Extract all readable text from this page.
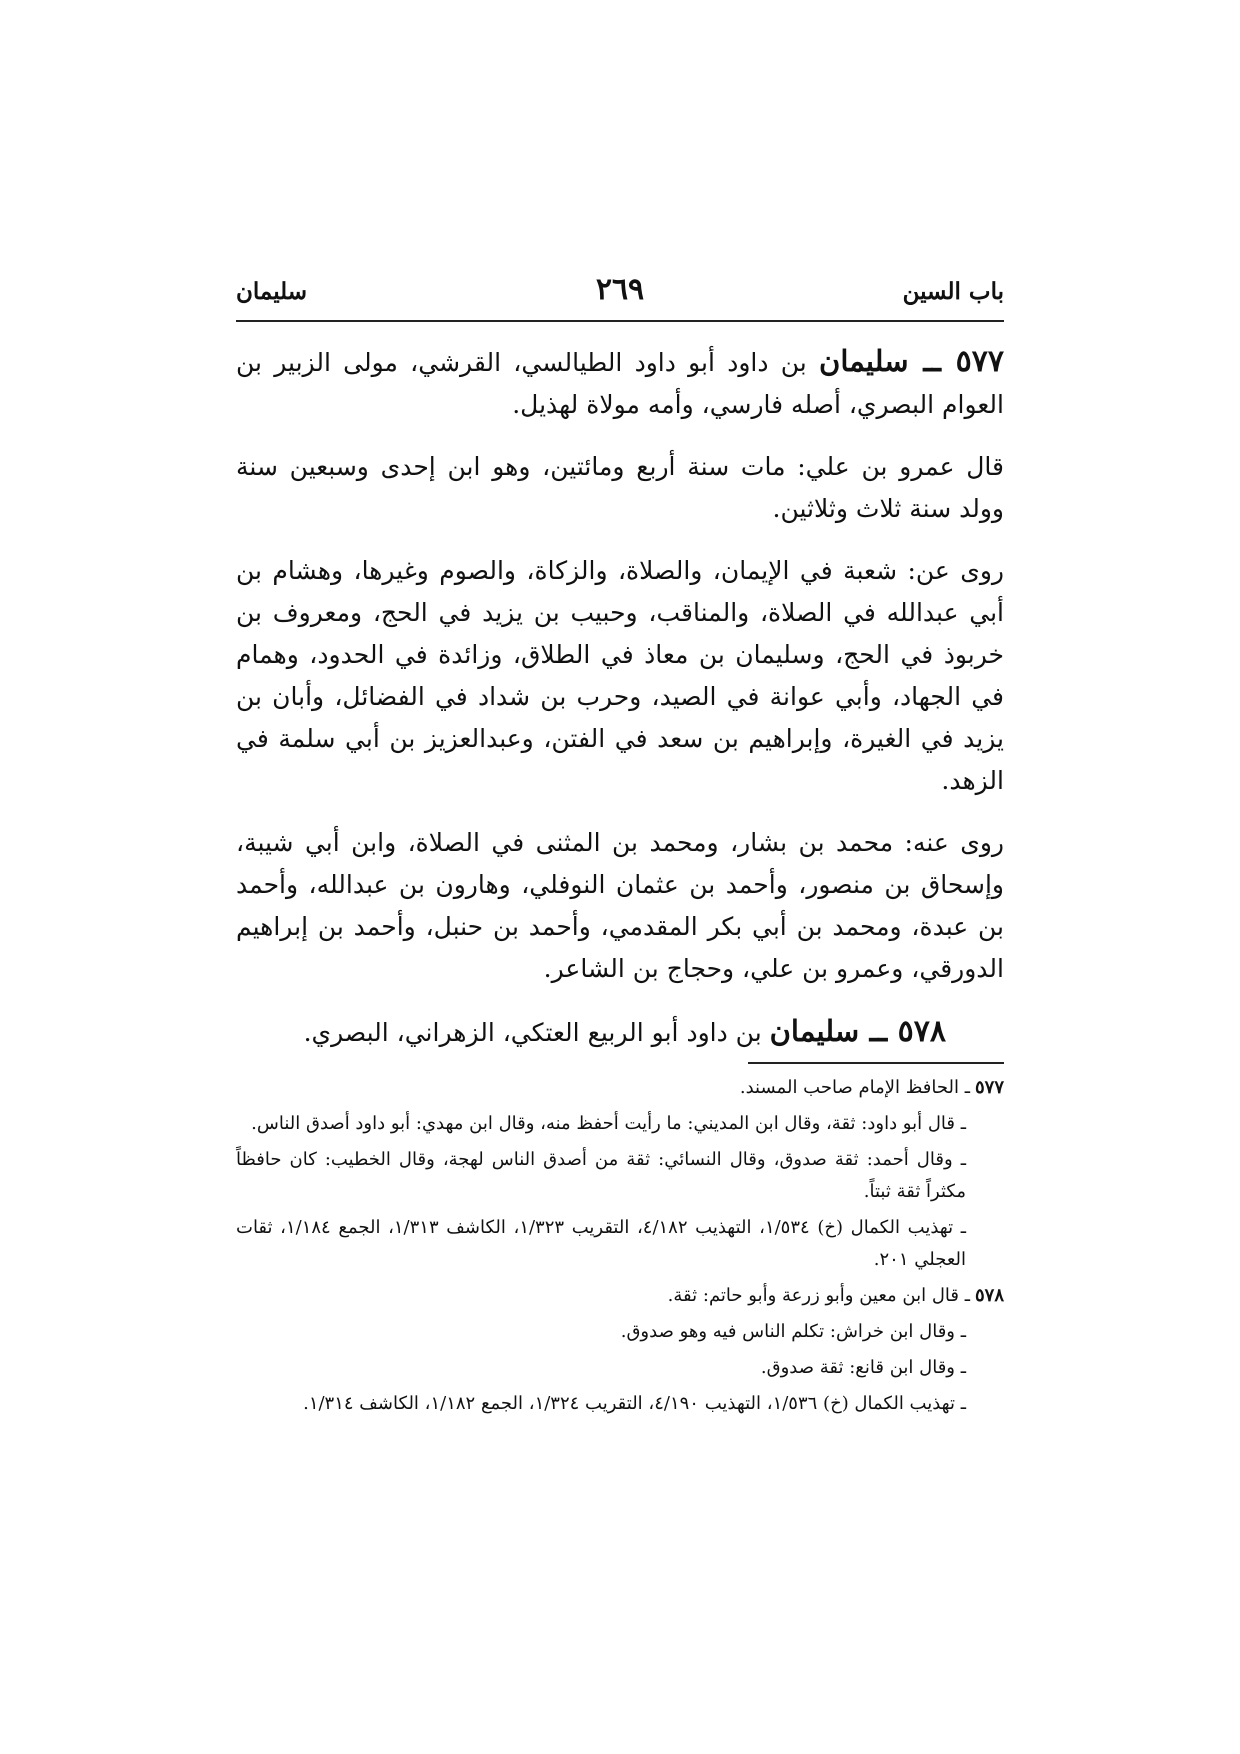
باب السين
٢٦٩
سليمان

٥٧٧ ــ سليمان بن داود أبو داود الطيالسي، القرشي، مولى الزبير بن العوام البصري، أصله فارسي، وأمه مولاة لهذيل.

قال عمرو بن علي: مات سنة أربع ومائتين، وهو ابن إحدى وسبعين سنة وولد سنة ثلاث وثلاثين.

روى عن: شعبة في الإيمان، والصلاة، والزكاة، والصوم وغيرها، وهشام بن أبي عبدالله في الصلاة، والمناقب، وحبيب بن يزيد في الحج، ومعروف بن خربوذ في الحج، وسليمان بن معاذ في الطلاق، وزائدة في الحدود، وهمام في الجهاد، وأبي عوانة في الصيد، وحرب بن شداد في الفضائل، وأبان بن يزيد في الغيرة، وإبراهيم بن سعد في الفتن، وعبدالعزيز بن أبي سلمة في الزهد.

روى عنه: محمد بن بشار، ومحمد بن المثنى في الصلاة، وابن أبي شيبة، وإسحاق بن منصور، وأحمد بن عثمان النوفلي، وهارون بن عبدالله، وأحمد بن عبدة، ومحمد بن أبي بكر المقدمي، وأحمد بن حنبل، وأحمد بن إبراهيم الدورقي، وعمرو بن علي، وحجاج بن الشاعر.

٥٧٨ ــ سليمان بن داود أبو الربيع العتكي، الزهراني، البصري.

٥٧٧ـ الحافظ الإمام صاحب المسند.

ـ قال أبو داود: ثقة، وقال ابن المديني: ما رأيت أحفظ منه، وقال ابن مهدي: أبو داود أصدق الناس.

ـ وقال أحمد: ثقة صدوق، وقال النسائي: ثقة من أصدق الناس لهجة، وقال الخطيب: كان حافظاً مكثراً ثقة ثبتاً.

ـ تهذيب الكمال (خ) ١/٥٣٤، التهذيب ٤/١٨٢، التقريب ١/٣٢٣، الكاشف ١/٣١٣، الجمع ١/١٨٤، ثقات العجلي ٢٠١.

٥٧٨ـ قال ابن معين وأبو زرعة وأبو حاتم: ثقة.

ـ وقال ابن خراش: تكلم الناس فيه وهو صدوق.

ـ وقال ابن قانع: ثقة صدوق.

ـ تهذيب الكمال (خ) ١/٥٣٦، التهذيب ٤/١٩٠، التقريب ١/٣٢٤، الجمع ١/١٨٢، الكاشف ١/٣١٤.
